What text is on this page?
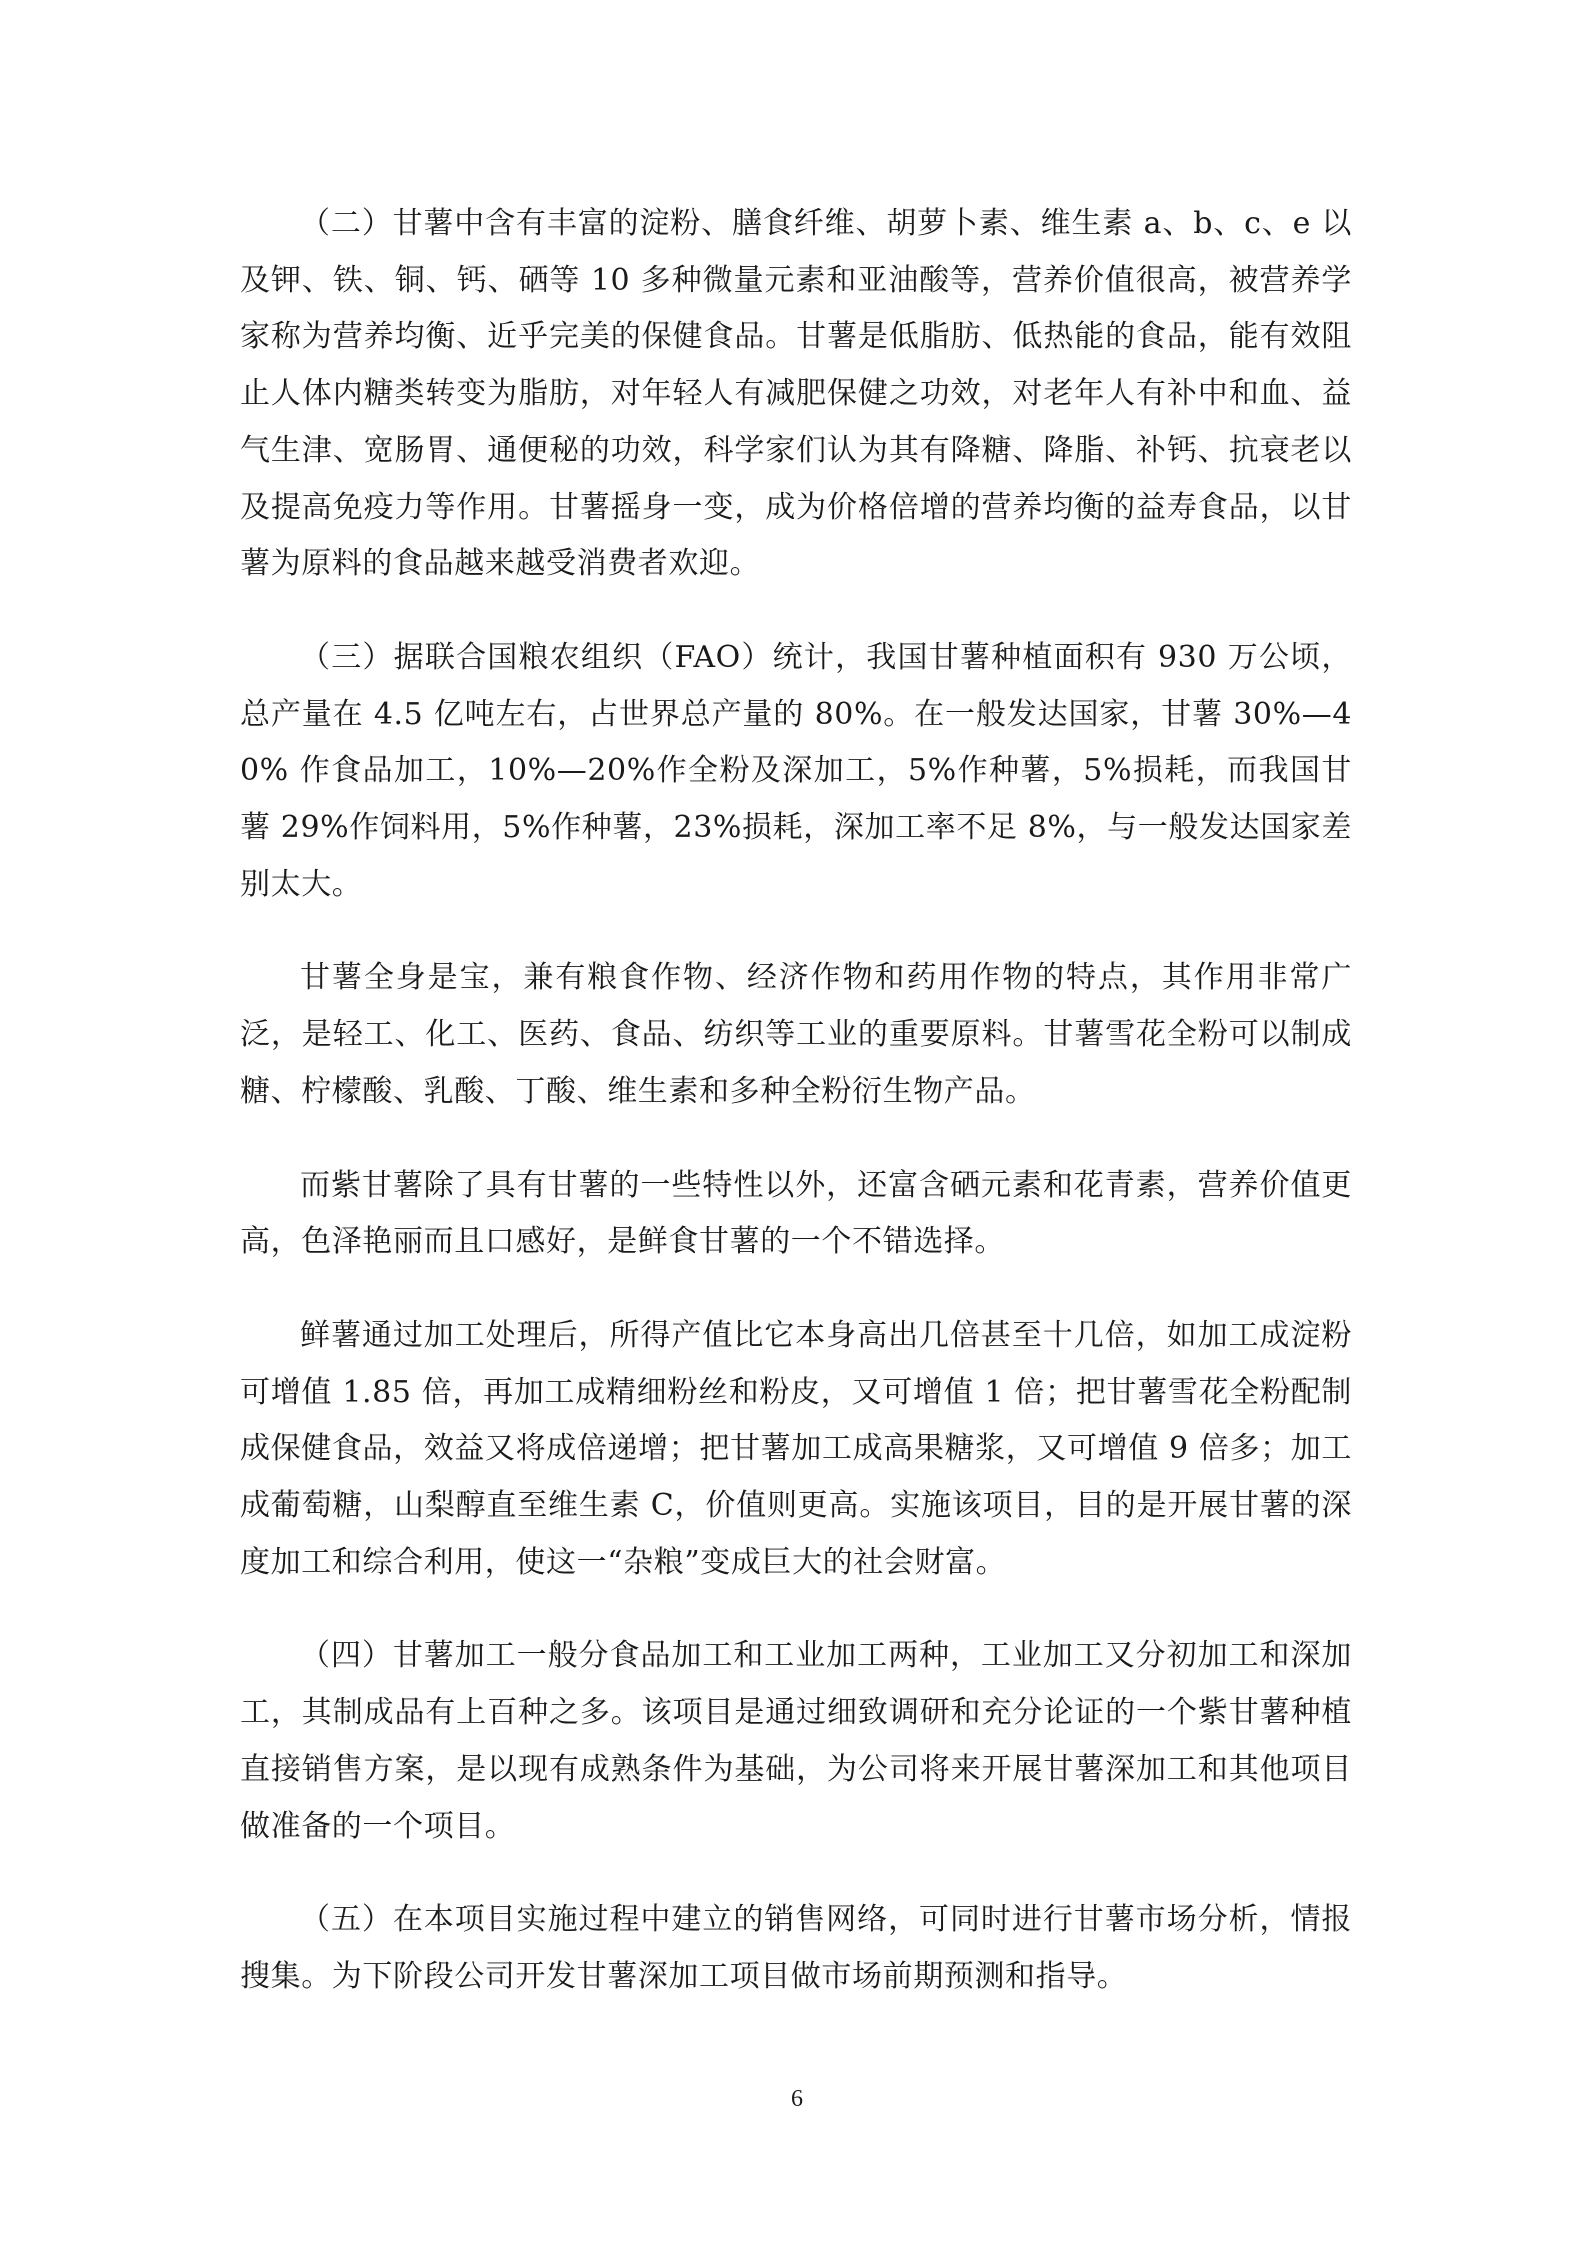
（二）甘薯中含有丰富的淀粉、膳食纤维、胡萝卜素、维生素 a、b、c、e 以及钾、铁、铜、钙、硒等 10 多种微量元素和亚油酸等，营养价值很高，被营养学家称为营养均衡、近乎完美的保健食品。甘薯是低脂肪、低热能的食品，能有效阻止人体内糖类转变为脂肪，对年轻人有减肥保健之功效，对老年人有补中和血、益气生津、宽肠胃、通便秘的功效，科学家们认为其有降糖、降脂、补钙、抗衰老以及提高免疫力等作用。甘薯摇身一变，成为价格倍增的营养均衡的益寿食品，以甘薯为原料的食品越来越受消费者欢迎。

（三）据联合国粮农组织（FAO）统计，我国甘薯种植面积有 930 万公顷，总产量在 4.5 亿吨左右，占世界总产量的 80%。在一般发达国家，甘薯 30%—40% 作食品加工，10%—20%作全粉及深加工，5%作种薯，5%损耗，而我国甘薯 29%作饲料用，5%作种薯，23%损耗，深加工率不足 8%，与一般发达国家差别太大。

甘薯全身是宝，兼有粮食作物、经济作物和药用作物的特点，其作用非常广泛，是轻工、化工、医药、食品、纺织等工业的重要原料。甘薯雪花全粉可以制成糖、柠檬酸、乳酸、丁酸、维生素和多种全粉衍生物产品。

而紫甘薯除了具有甘薯的一些特性以外，还富含硒元素和花青素，营养价值更高，色泽艳丽而且口感好，是鲜食甘薯的一个不错选择。

鲜薯通过加工处理后，所得产值比它本身高出几倍甚至十几倍，如加工成淀粉可增值 1.85 倍，再加工成精细粉丝和粉皮，又可增值 1 倍；把甘薯雪花全粉配制成保健食品，效益又将成倍递增；把甘薯加工成高果糖浆，又可增值 9 倍多；加工成葡萄糖，山梨醇直至维生素 C，价值则更高。实施该项目，目的是开展甘薯的深度加工和综合利用，使这一“杂粮”变成巨大的社会财富。

（四）甘薯加工一般分食品加工和工业加工两种，工业加工又分初加工和深加工，其制成品有上百种之多。该项目是通过细致调研和充分论证的一个紫甘薯种植直接销售方案，是以现有成熟条件为基础，为公司将来开展甘薯深加工和其他项目做准备的一个项目。

（五）在本项目实施过程中建立的销售网络，可同时进行甘薯市场分析，情报搜集。为下阶段公司开发甘薯深加工项目做市场前期预测和指导。

6
